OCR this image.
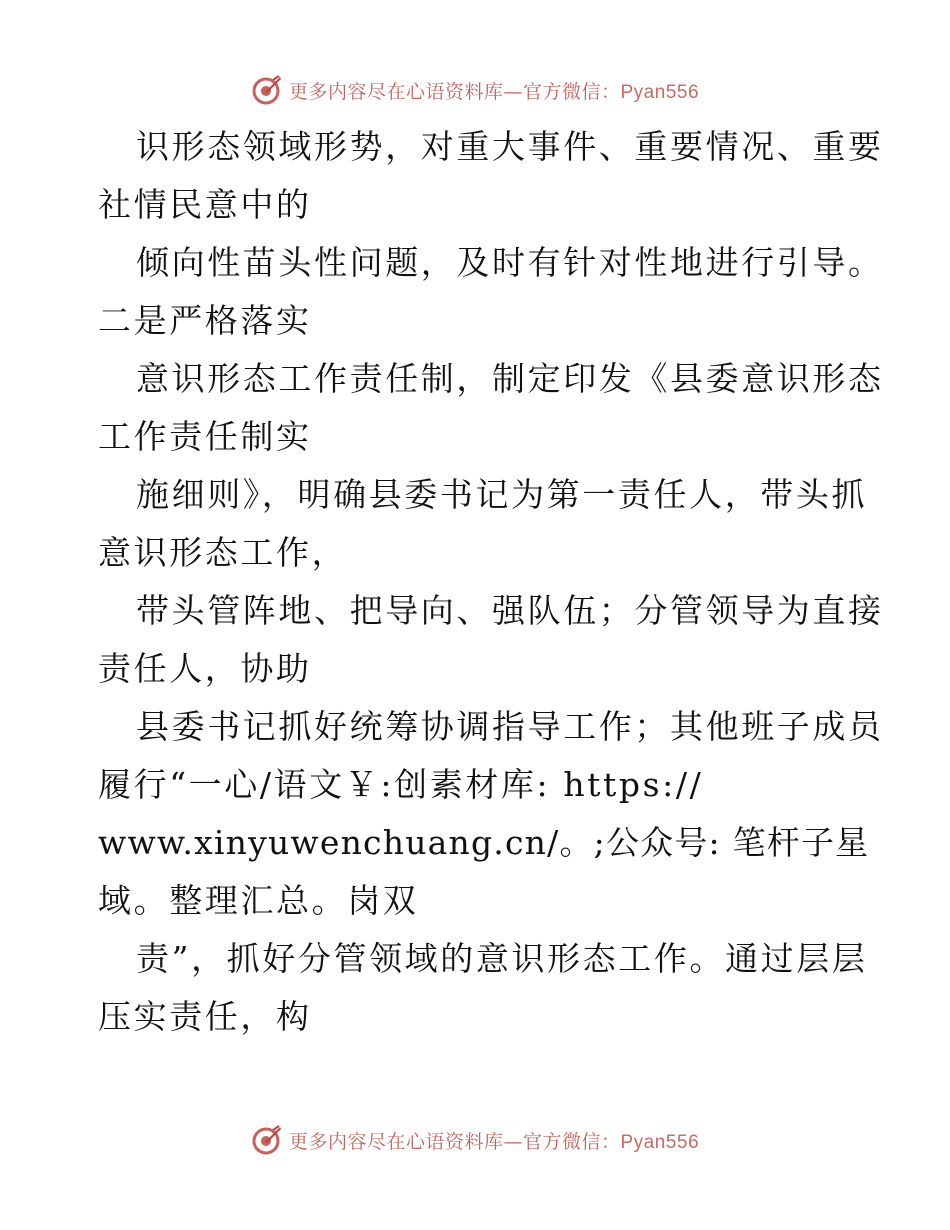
更多内容尽在心语资料库—官方微信：Pyan556
识形态领域形势，对重大事件、重要情况、重要
社情民意中的
倾向性苗头性问题，及时有针对性地进行引导。
二是严格落实
意识形态工作责任制，制定印发《县委意识形态
工作责任制实
施细则》，明确县委书记为第一责任人，带头抓
意识形态工作，
带头管阵地、把导向、强队伍；分管领导为直接
责任人，协助
县委书记抓好统筹协调指导工作；其他班子成员
履行“一心/语文￥:创素材库: https://
www.xinyuwenchuang.cn/。;公众号: 笔杆子星
域。整理汇总。岗双
责”，抓好分管领域的意识形态工作。通过层层
压实责任，构
更多内容尽在心语资料库—官方微信：Pyan556
